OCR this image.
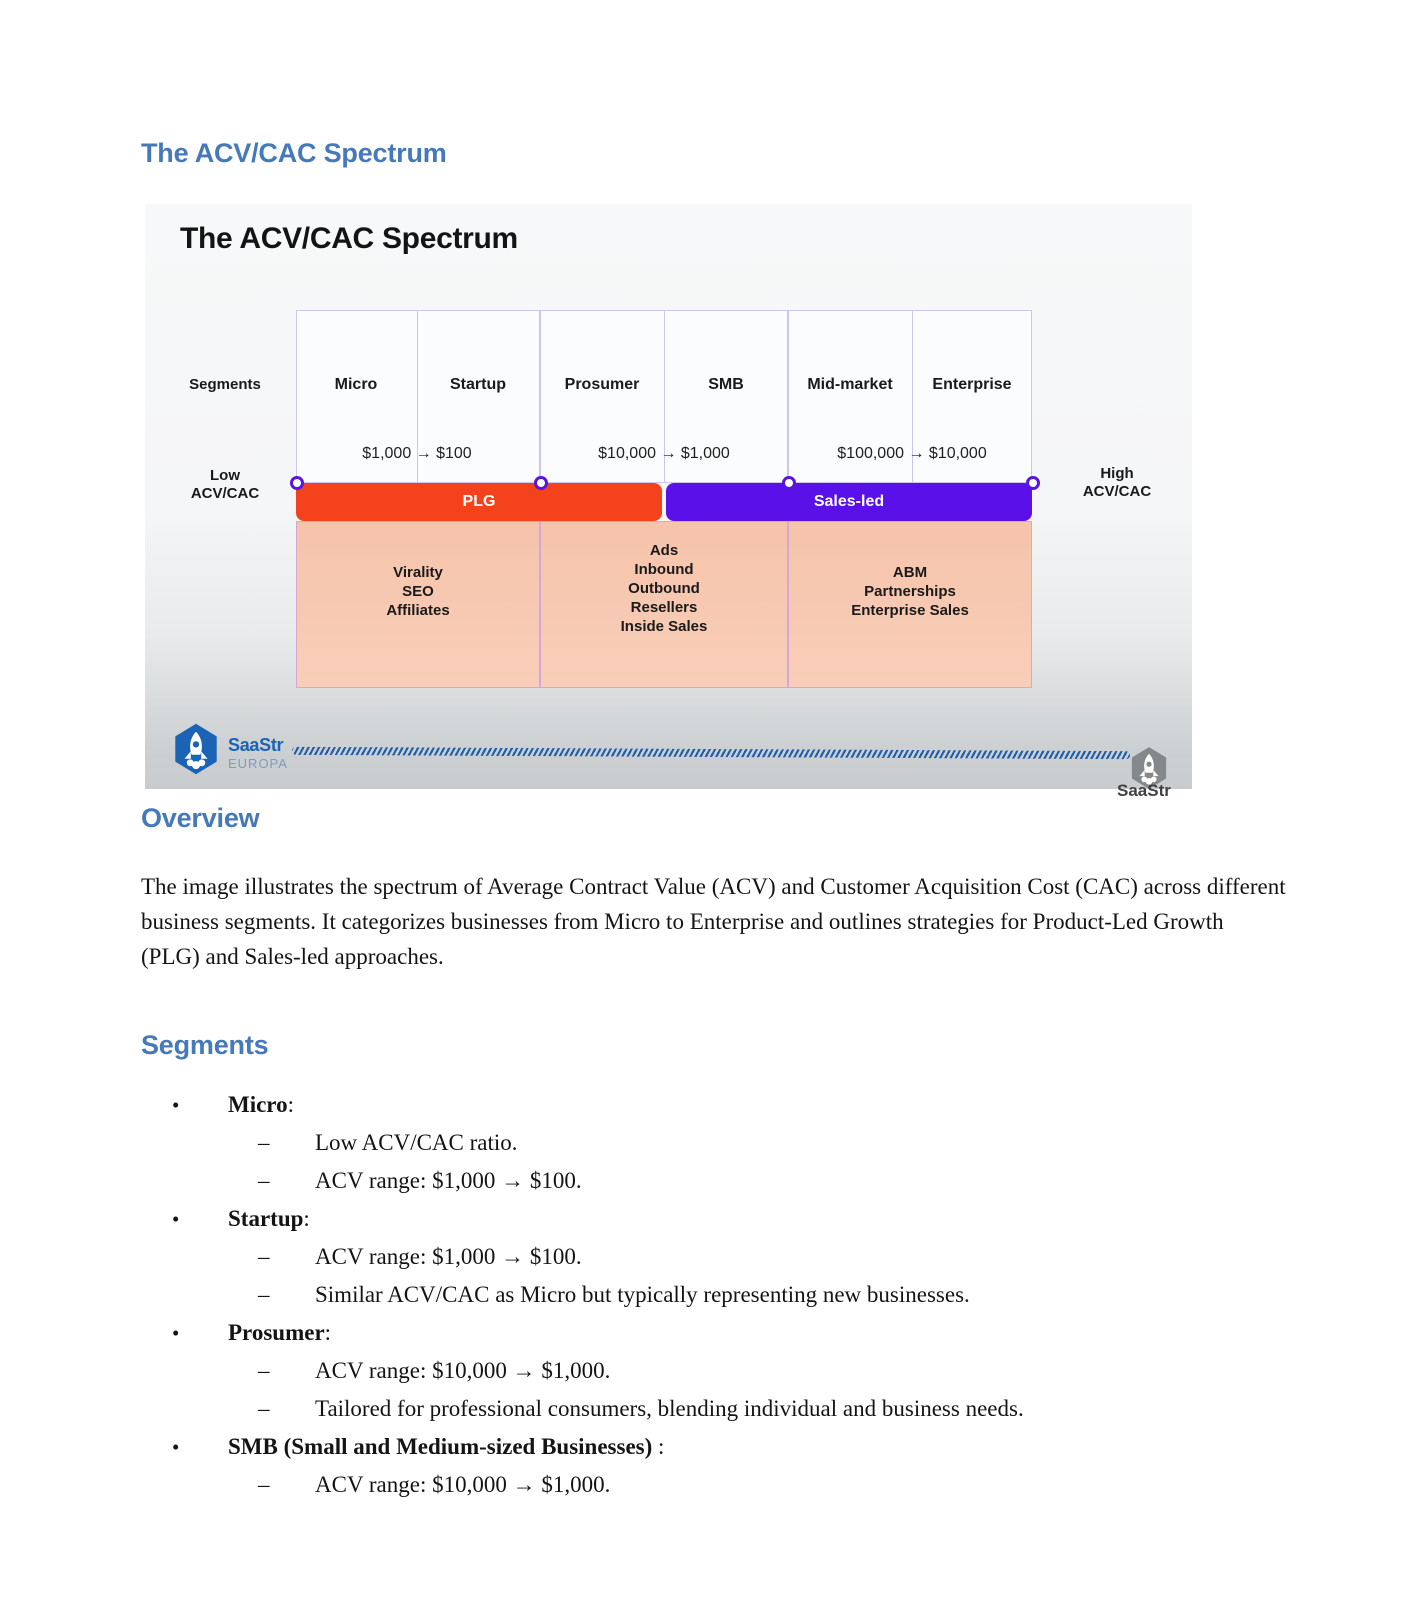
The ACV/CAC Spectrum
The ACV/CAC Spectrum
Segments	Micro	Startup	Prosumer	SMB	Mid-market	Enterprise
$1,000 → $100	$10,000 → $1,000	$100,000 → $10,000
Low
ACV/CAC
High
ACV/CAC
PLG	Sales-led
Virality
SEO
Affiliates
Ads
Inbound
Outbound
Resellers
Inside Sales
ABM
Partnerships
Enterprise Sales
SaaStr
EUROPA
SaaStr
Overview
The image illustrates the spectrum of Average Contract Value (ACV) and Customer Acquisition Cost (CAC) across different business segments. It categorizes businesses from Micro to Enterprise and outlines strategies for Product-Led Growth (PLG) and Sales-led approaches.
Segments
• Micro:
– Low ACV/CAC ratio.
– ACV range: $1,000 → $100.
• Startup:
– ACV range: $1,000 → $100.
– Similar ACV/CAC as Micro but typically representing new businesses.
• Prosumer:
– ACV range: $10,000 → $1,000.
– Tailored for professional consumers, blending individual and business needs.
• SMB (Small and Medium-sized Businesses) :
– ACV range: $10,000 → $1,000.
